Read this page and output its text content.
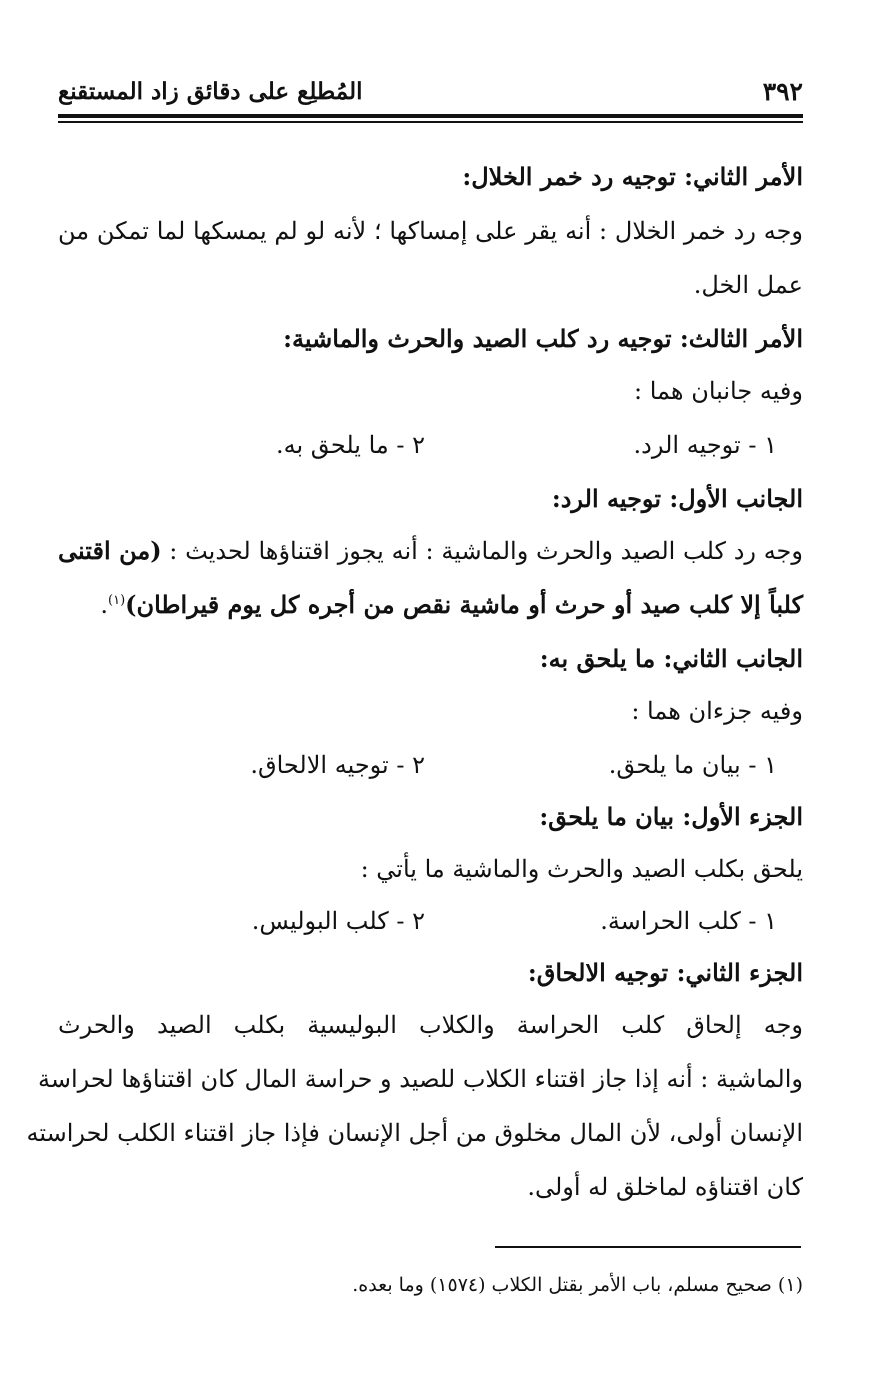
٣٩٢
المُطلِع على دقائق زاد المستقنع
الأمر الثاني: توجيه رد خمر الخلال:
وجه رد خمر الخلال : أنه يقر على إمساكها ؛ لأنه لو لم يمسكها لما تمكن من
عمل الخل.
الأمر الثالث: توجيه رد كلب الصيد والحرث والماشية:
وفيه جانبان هما :
١ - توجيه الرد.
٢ - ما يلحق به.
الجانب الأول: توجيه الرد:
وجه رد كلب الصيد والحرث والماشية : أنه يجوز اقتناؤها لحديث : (من اقتنى
كلباً إلا كلب صيد أو حرث أو ماشية نقص من أجره كل يوم قيراطان)$^{(١)}$.
الجانب الثاني: ما يلحق به:
وفيه جزءان هما :
١ - بيان ما يلحق.
٢ - توجيه الالحاق.
الجزء الأول: بيان ما يلحق:
يلحق بكلب الصيد والحرث والماشية ما يأتي :
١ - كلب الحراسة.
٢ - كلب البوليس.
الجزء الثاني: توجيه الالحاق:
وجه إلحاق كلب الحراسة والكلاب البوليسية بكلب الصيد والحرث
والماشية : أنه إذا جاز اقتناء الكلاب للصيد و حراسة المال كان اقتناؤها لحراسة
الإنسان أولى، لأن المال مخلوق من أجل الإنسان فإذا جاز اقتناء الكلب لحراسته
كان اقتناؤه لماخلق له أولى.
(١) صحيح مسلم، باب الأمر بقتل الكلاب (١٥٧٤) وما بعده.
